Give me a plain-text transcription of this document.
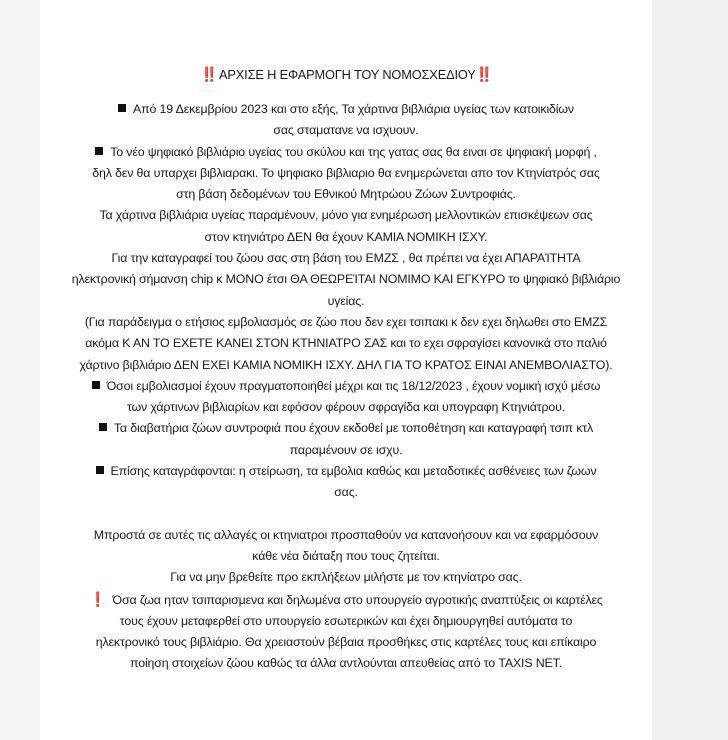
‼️ ΑΡΧΙΣΕ Η ΕΦΑΡΜΟΓΗ ΤΟΥ ΝΟΜΟΣΧΕΔΙΟΥ‼️
Από 19 Δεκεμβρίου 2023 και στο εξής, Τα χάρτινα βιβλιάρια υγείας των κατοικιδίων
σας σταματανε να ισχυουν.
Το νέο ψηφιακό βιβλιάριο υγείας του σκύλου και της γατας σας θα ειναι σε ψηφιακή μορφή ,
δηλ δεν θα υπαρχει βιβλιαρακι. Το ψηφιακο βιβλιαριο θα ενημερώνεται απο τον Κτηνίατρός σας
στη βάση δεδομένων του Εθνικού Μητρώου Ζώων Συντροφιάς.
Τα χάρτινα βιβλιάρια υγείας παραμένουν, μόνο για ενημέρωση μελλοντικών επισκέψεων σας
στον κτηνιάτρο ΔΕΝ θα έχουν ΚΑΜΙΑ ΝΟΜΙΚΗ ΙΣΧΥ.
Για την καταγραφεί του ζώου σας στη βάση του ΕΜΖΣ , θα πρέπει να έχει ΑΠΑΡΑΊΤΗΤΑ
ηλεκτρονική σήμανση chip κ ΜΟΝΟ έτσι ΘΑ ΘΕΩΡΕΊΤΑΙ ΝΟΜΙΜΟ ΚΑΙ ΕΓΚΥΡΟ το ψηφιακό βιβλιάριο
υγείας.
(Για παράδειγμα ο ετήσιος εμβολιασμός σε ζώο που δεν εχει τσιπακι κ δεν εχει δηλωθει στο ΕΜΖΣ
ακόμα Κ ΑΝ ΤΟ ΕΧΕΤΕ ΚΑΝΕΙ ΣΤΟΝ ΚΤΗΝΙΑΤΡΟ ΣΑΣ και το εχει σφραγίσει κανονικά στο παλιό
χάρτινο βιβλιάριο ΔΕΝ ΕΧΕΙ ΚΑΜΙΑ ΝΟΜΙΚΗ ΙΣΧΥ. ΔΗΛ ΓΙΑ ΤΟ ΚΡΑΤΟΣ ΕΙΝΑΙ ΑΝΕΜΒΟΛΙΑΣΤΟ).
Όσοι εμβολιασμοί έχουν πραγματοποιηθεί μέχρι και τις 18/12/2023 , έχουν νομική ισχύ μέσω
των χάρτινων βιβλιαρίων και εφόσον φέρουν σφραγίδα και υπογραφη Κτηνιάτρου.
Τα διαβατήρια ζώων συντροφιά που έχουν εκδοθεί με τοποθέτηση και καταγραφή τσιπ κτλ
παραμένουν σε ισχυ.
Επίσης καταγράφονται: η στείρωση, τα εμβολια καθώς και μεταδοτικές ασθένειες των ζωων
σας.
Μπροστά σε αυτές τις αλλαγές οι κτηνιατροι προσπαθούν να κατανοήσουν και να εφαρμόσουν
κάθε νέα διάταξη που τους ζητείται.
Για να μην βρεθείτε προ εκπλήξεων μιλήστε με τον κτηνίατρο σας.
❗ Όσα ζωα ηταν τσιπαρισμενα και δηλωμένα στο υπουργείο αγροτικής αναπτύξεις οι καρτέλες
τους έχουν μεταφερθεί στο υπουργείο εσωτερικών και έχει δημιουργηθεί αυτόματα το
ηλεκτρονικό τους βιβλιάριο. Θα χρειαστούν βέβαια προσθήκες στις καρτέλες τους και επίκαιρο
ποίηση στοιχείων ζώου καθώς τα άλλα αντλούνται απευθείας από το TAXIS NET.
